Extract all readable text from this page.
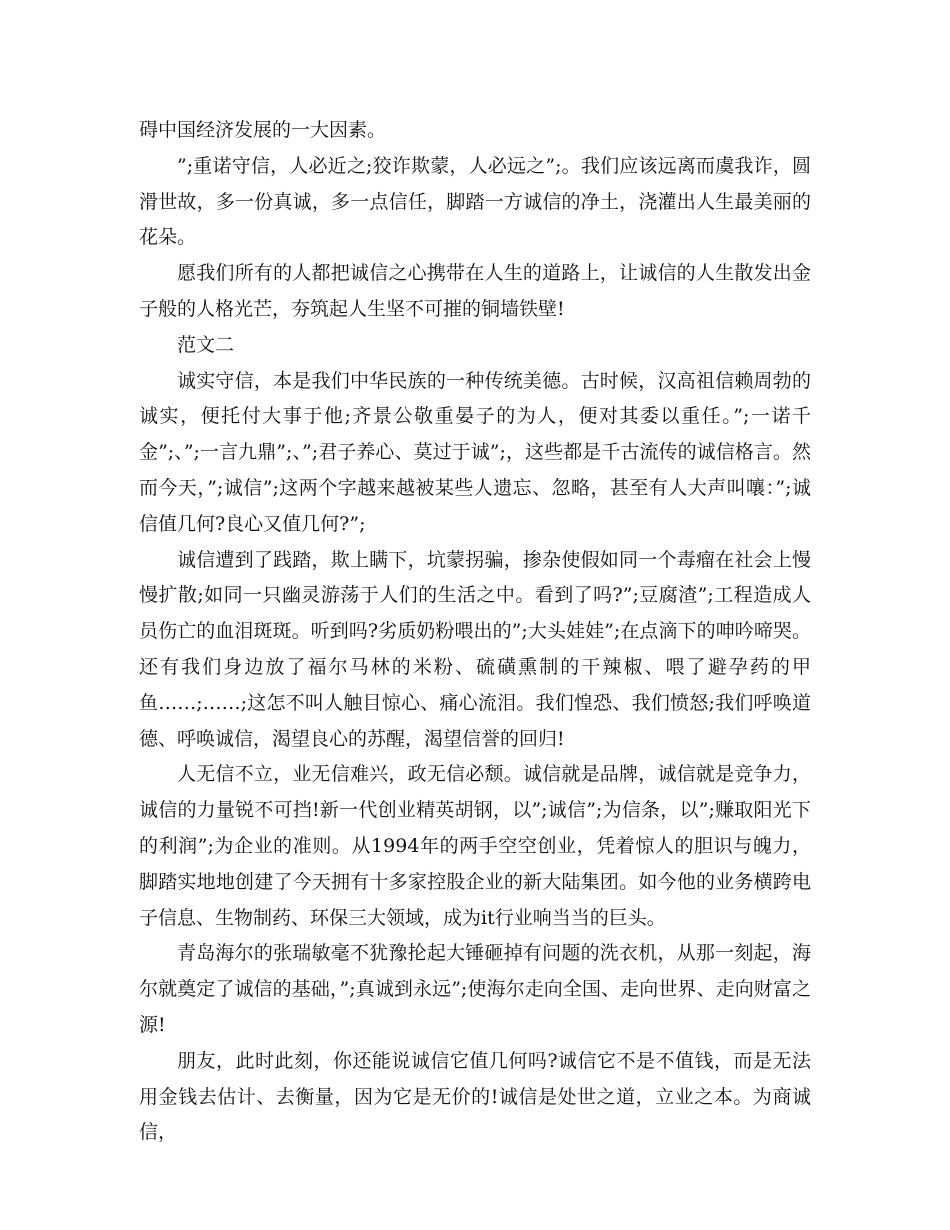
碍中国经济发展的一大因素。

”;重诺守信，人必近之;狡诈欺蒙，人必远之”;。我们应该远离而虞我诈，圆滑世故，多一份真诚，多一点信任，脚踏一方诚信的净土，浇灌出人生最美丽的花朵。

愿我们所有的人都把诚信之心携带在人生的道路上，让诚信的人生散发出金子般的人格光芒，夯筑起人生坚不可摧的铜墙铁壁!

范文二

诚实守信，本是我们中华民族的一种传统美德。古时候，汉高祖信赖周勃的诚实，便托付大事于他;齐景公敬重晏子的为人，便对其委以重任。”;一诺千金”;、”;一言九鼎”;、”;君子养心、莫过于诚”;，这些都是千古流传的诚信格言。然而今天，”;诚信”;这两个字越来越被某些人遗忘、忽略，甚至有人大声叫嚷：”;诚信值几何?良心又值几何?”;

诚信遭到了践踏，欺上瞒下，坑蒙拐骗，掺杂使假如同一个毒瘤在社会上慢慢扩散;如同一只幽灵游荡于人们的生活之中。看到了吗?”;豆腐渣”;工程造成人员伤亡的血泪斑斑。听到吗?劣质奶粉喂出的”;大头娃娃”;在点滴下的呻吟啼哭。还有我们身边放了福尔马林的米粉、硫磺熏制的干辣椒、喂了避孕药的甲鱼……;……;这怎不叫人触目惊心、痛心流泪。我们惶恐、我们愤怒;我们呼唤道德、呼唤诚信，渴望良心的苏醒，渴望信誉的回归!

人无信不立，业无信难兴，政无信必颓。诚信就是品牌，诚信就是竞争力，诚信的力量锐不可挡!新一代创业精英胡钢，以”;诚信”;为信条，以”;赚取阳光下的利润”;为企业的准则。从1994年的两手空空创业，凭着惊人的胆识与魄力，脚踏实地地创建了今天拥有十多家控股企业的新大陆集团。如今他的业务横跨电子信息、生物制药、环保三大领域，成为it行业响当当的巨头。

青岛海尔的张瑞敏毫不犹豫抡起大锤砸掉有问题的洗衣机，从那一刻起，海尔就奠定了诚信的基础，”;真诚到永远”;使海尔走向全国、走向世界、走向财富之源!

朋友，此时此刻，你还能说诚信它值几何吗?诚信它不是不值钱，而是无法用金钱去估计、去衡量，因为它是无价的!诚信是处世之道，立业之本。为商诚信，
